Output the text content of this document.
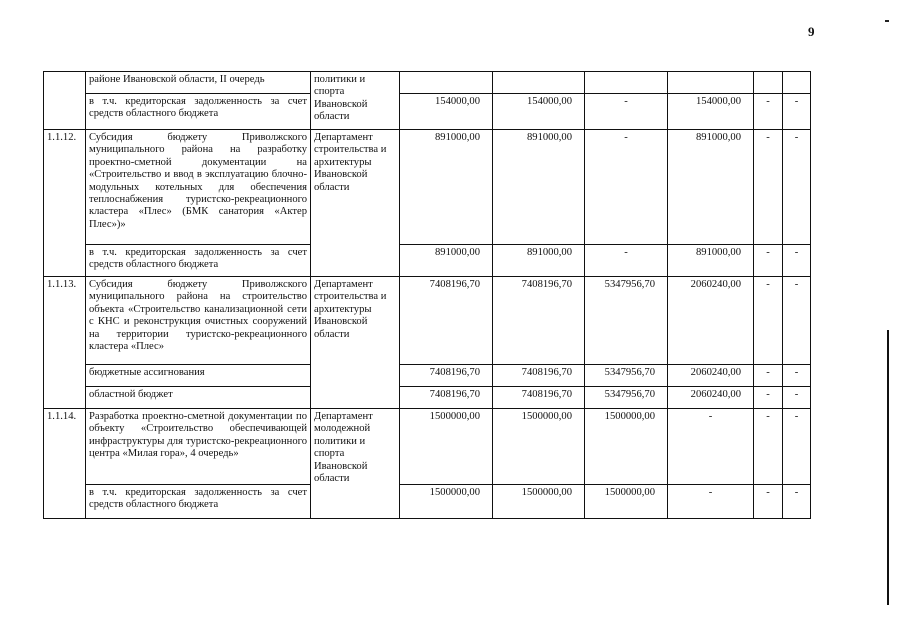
9
	районе Ивановской области, II очередь	политики и спорта Ивановской области						

	в т.ч. кредиторская задолженность за счет средств областного бюджета		154000,00	154000,00	-	154000,00	-	-
1.1.12.	Субсидия бюджету Приволжского муниципального района на разработку проектно-сметной документации на «Строительство и ввод в эксплуатацию блочно-модульных котельных для обеспечения теплоснабжения туристско-рекреационного кластера «Плес» (БМК санатория «Актер Плес»)»	Департамент строительства и архитектуры Ивановской области	891000,00	891000,00	-	891000,00	-	-
	в т.ч. кредиторская задолженность за счет средств областного бюджета		891000,00	891000,00	-	891000,00	-	-
1.1.13.	Субсидия бюджету Приволжского муниципального района на строительство объекта «Строительство канализационной сети с КНС и реконструкция очистных сооружений на территории туристско-рекреационного кластера «Плес»	Департамент строительства и архитектуры Ивановской области	7408196,70	7408196,70	5347956,70	2060240,00	-	-
	бюджетные ассигнования		7408196,70	7408196,70	5347956,70	2060240,00	-	-
	областной бюджет		7408196,70	7408196,70	5347956,70	2060240,00	-	-
1.1.14.	Разработка проектно-сметной документации по объекту «Строительство обеспечивающей инфраструктуры для туристско-рекреационного центра «Милая гора», 4 очередь»	Департамент молодежной политики и спорта Ивановской области	1500000,00	1500000,00	1500000,00	-	-	-
	в т.ч. кредиторская задолженность за счет средств областного бюджета		1500000,00	1500000,00	1500000,00	-	-	-
